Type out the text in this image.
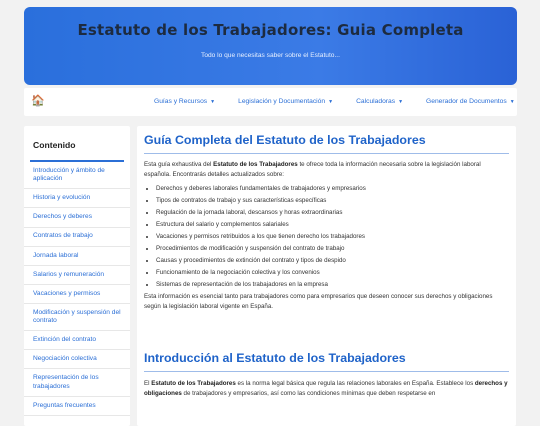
Estatuto de los Trabajadores: Guia Completa
Todo lo que necesitas saber sobre el Estatuto...
🏠	Guías y Recursos ▼	Legislación y Documentación ▼	Calculadoras ▼	Generador de Documentos ▼
Contenido
Introducción y ámbito de aplicación
Historia y evolución
Derechos y deberes
Contratos de trabajo
Jornada laboral
Salarios y remuneración
Vacaciones y permisos
Modificación y suspensión del contrato
Extinción del contrato
Negociación colectiva
Representación de los trabajadores
Preguntas frecuentes
Guía Completa del Estatuto de los Trabajadores

Esta guía exhaustiva del Estatuto de los Trabajadores te ofrece toda la información necesaria sobre la legislación laboral española. Encontrarás detalles actualizados sobre:

• Derechos y deberes laborales fundamentales de trabajadores y empresarios
• Tipos de contratos de trabajo y sus características específicas
• Regulación de la jornada laboral, descansos y horas extraordinarias
• Estructura del salario y complementos salariales
• Vacaciones y permisos retribuidos a los que tienen derecho los trabajadores
• Procedimientos de modificación y suspensión del contrato de trabajo
• Causas y procedimientos de extinción del contrato y tipos de despido
• Funcionamiento de la negociación colectiva y los convenios
• Sistemas de representación de los trabajadores en la empresa

Esta información es esencial tanto para trabajadores como para empresarios que deseen conocer sus derechos y obligaciones según la legislación laboral vigente en España.

Introducción al Estatuto de los Trabajadores

El Estatuto de los Trabajadores es la norma legal básica que regula las relaciones laborales en España. Establece los derechos y obligaciones de trabajadores y empresarios, así como las condiciones mínimas que deben respetarse en
